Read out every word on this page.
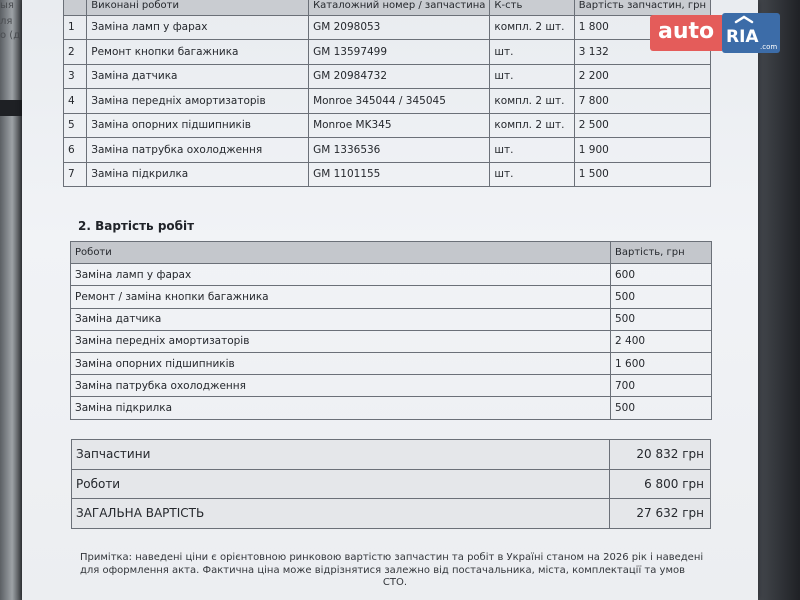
ыя
ля
о (д
	Виконані роботи	Каталожний номер / запчастина	К-сть	Вартість запчастин, грн
1	Заміна ламп у фарах	GM 2098053	компл. 2 шт.	1 800
2	Ремонт кнопки багажника	GM 13597499	шт.	3 132
3	Заміна датчика	GM 20984732	шт.	2 200
4	Заміна передніх амортизаторів	Monroe 345044 / 345045	компл. 2 шт.	7 800
5	Заміна опорних підшипників	Monroe MK345	компл. 2 шт.	2 500
6	Заміна патрубка охолодження	GM 1336536	шт.	1 900
7	Заміна підкрилка	GM 1101155	шт.	1 500
2. Вартість робіт
Роботи	Вартість, грн
Заміна ламп у фарах	600
Ремонт / заміна кнопки багажника	500
Заміна датчика	500
Заміна передніх амортизаторів	2 400
Заміна опорних підшипників	1 600
Заміна патрубка охолодження	700
Заміна підкрилка	500
Запчастини	20 832 грн
Роботи	6 800 грн
ЗАГАЛЬНА ВАРТІСТЬ	27 632 грн
Примітка: наведені ціни є орієнтовною ринковою вартістю запчастин та робіт в Україні станом на 2026 рік і наведені
для оформлення акта. Фактична ціна може відрізнятися залежно від постачальника, міста, комплектації та умов

СТО.
auto RIA .com
